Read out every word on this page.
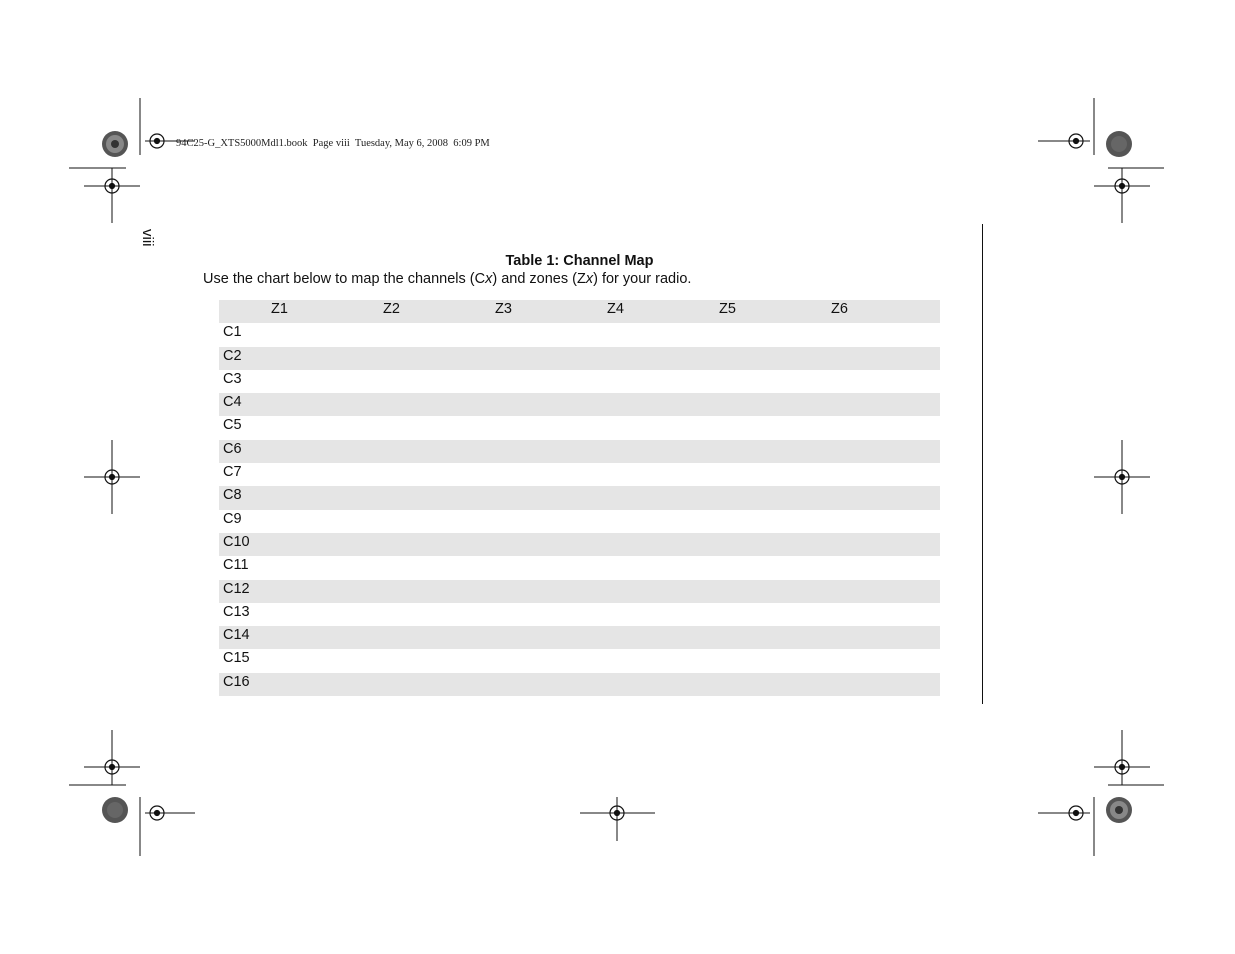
94C25-G_XTS5000Mdl1.book  Page viii  Tuesday, May 6, 2008  6:09 PM
viii
Table 1: Channel Map
Use the chart below to map the channels (Cx) and zones (Zx) for your radio.
	Z1	Z2	Z3	Z4	Z5	Z6
C1						
C2						
C3						
C4						
C5						
C6						
C7						
C8						
C9						
C10						
C11						
C12						
C13						
C14						
C15						
C16						
